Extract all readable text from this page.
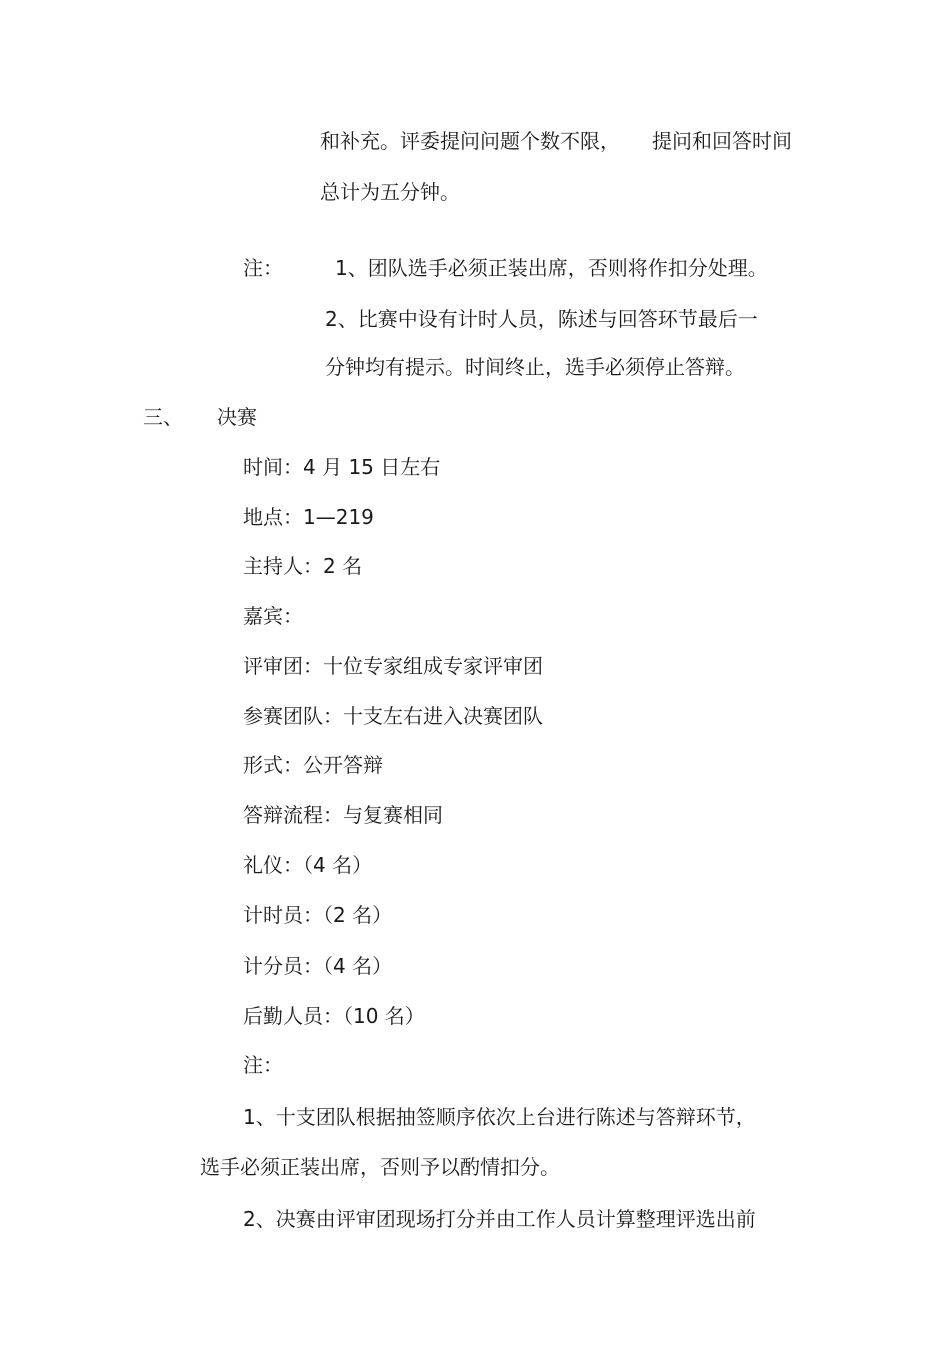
和补充。评委提问问题个数不限， 提问和回答时间
总计为五分钟。
注：	1、团队选手必须正装出席，否则将作扣分处理。
2、比赛中设有计时人员，陈述与回答环节最后一
分钟均有提示。时间终止，选手必须停止答辩。
三、 决赛
时间：4 月 15 日左右
地点：1—219
主持人：2 名
嘉宾：
评审团：十位专家组成专家评审团
参赛团队：十支左右进入决赛团队
形式：公开答辩
答辩流程：与复赛相同
礼仪：（4 名）
计时员：（2 名）
计分员：（4 名）
后勤人员：（10 名）
注：
1、十支团队根据抽签顺序依次上台进行陈述与答辩环节，
选手必须正装出席，否则予以酌情扣分。
2、决赛由评审团现场打分并由工作人员计算整理评选出前
